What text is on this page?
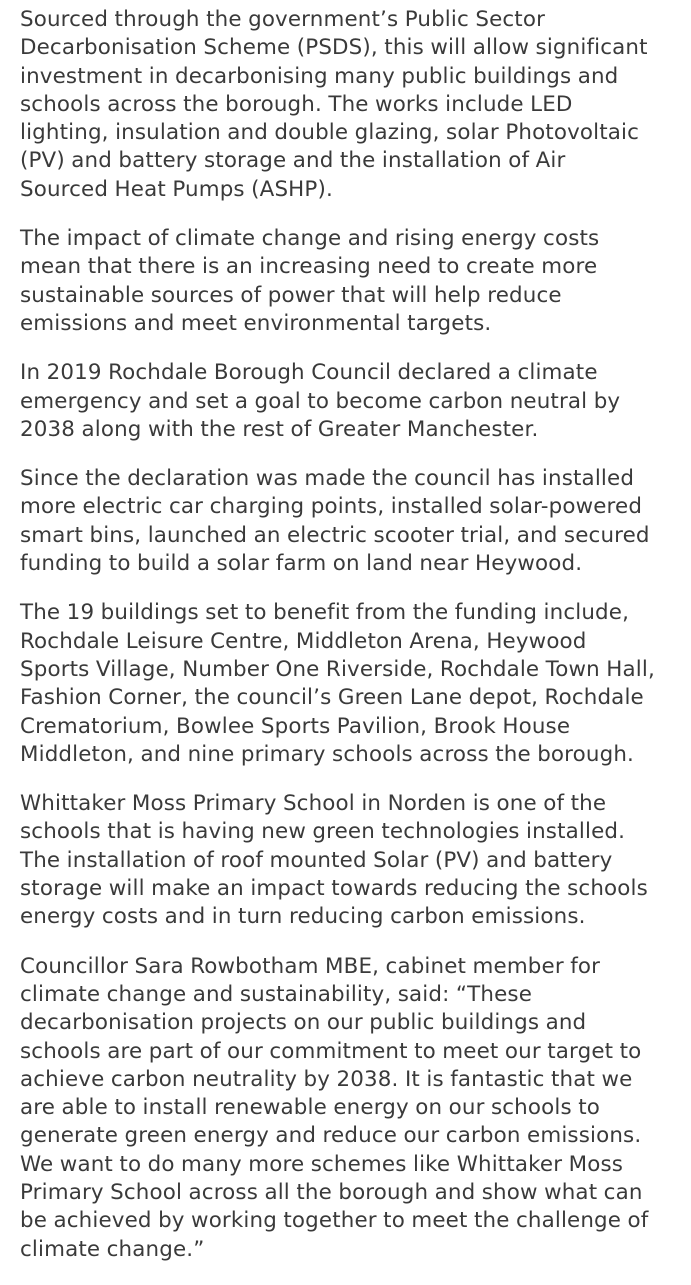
Sourced through the government’s Public Sector
Decarbonisation Scheme (PSDS), this will allow significant
investment in decarbonising many public buildings and
schools across the borough. The works include LED
lighting, insulation and double glazing, solar Photovoltaic
(PV) and battery storage and the installation of Air
Sourced Heat Pumps (ASHP).

The impact of climate change and rising energy costs
mean that there is an increasing need to create more
sustainable sources of power that will help reduce
emissions and meet environmental targets.

In 2019 Rochdale Borough Council declared a climate
emergency and set a goal to become carbon neutral by
2038 along with the rest of Greater Manchester.

Since the declaration was made the council has installed
more electric car charging points, installed solar-powered
smart bins, launched an electric scooter trial, and secured
funding to build a solar farm on land near Heywood.

The 19 buildings set to benefit from the funding include,
Rochdale Leisure Centre, Middleton Arena, Heywood
Sports Village, Number One Riverside, Rochdale Town Hall,
Fashion Corner, the council’s Green Lane depot, Rochdale
Crematorium, Bowlee Sports Pavilion, Brook House
Middleton, and nine primary schools across the borough.

Whittaker Moss Primary School in Norden is one of the
schools that is having new green technologies installed.
The installation of roof mounted Solar (PV) and battery
storage will make an impact towards reducing the schools
energy costs and in turn reducing carbon emissions.

Councillor Sara Rowbotham MBE, cabinet member for
climate change and sustainability, said: “These
decarbonisation projects on our public buildings and
schools are part of our commitment to meet our target to
achieve carbon neutrality by 2038. It is fantastic that we
are able to install renewable energy on our schools to
generate green energy and reduce our carbon emissions.
We want to do many more schemes like Whittaker Moss
Primary School across all the borough and show what can
be achieved by working together to meet the challenge of
climate change.”
